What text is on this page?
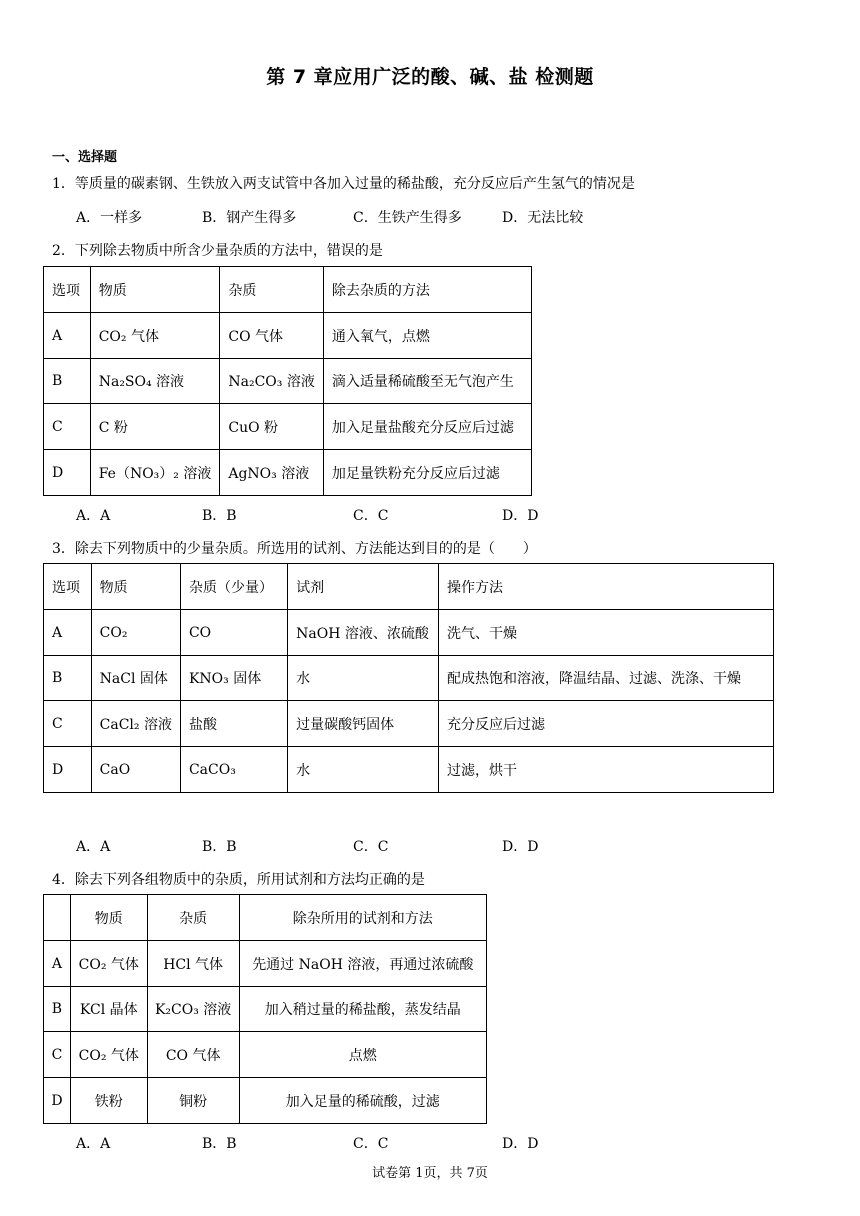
第 7 章应用广泛的酸、碱、盐 检测题
一、选择题
1．等质量的碳素钢、生铁放入两支试管中各加入过量的稀盐酸，充分反应后产生氢气的情况是
A．一样多	B．钢产生得多	C．生铁产生得多	D．无法比较
2．下列除去物质中所含少量杂质的方法中，错误的是
选项	物质	杂质	除去杂质的方法
A	CO₂ 气体	CO 气体	通入氧气，点燃
B	Na₂SO₄ 溶液	Na₂CO₃ 溶液	滴入适量稀硫酸至无气泡产生
C	C 粉	CuO 粉	加入足量盐酸充分反应后过滤
D	Fe（NO₃）₂ 溶液	AgNO₃ 溶液	加足量铁粉充分反应后过滤
A．A	B．B	C．C	D．D
3．除去下列物质中的少量杂质。所选用的试剂、方法能达到目的的是（　　）
选项	物质	杂质（少量）	试剂	操作方法
A	CO₂	CO	NaOH 溶液、浓硫酸	洗气、干燥
B	NaCl 固体	KNO₃ 固体	水	配成热饱和溶液，降温结晶、过滤、洗涤、干燥
C	CaCl₂ 溶液	盐酸	过量碳酸钙固体	充分反应后过滤
D	CaO	CaCO₃	水	过滤，烘干
A．A	B．B	C．C	D．D
4．除去下列各组物质中的杂质，所用试剂和方法均正确的是
	物质	杂质	除杂所用的试剂和方法
A	CO₂ 气体	HCl 气体	先通过 NaOH 溶液，再通过浓硫酸
B	KCl 晶体	K₂CO₃ 溶液	加入稍过量的稀盐酸，蒸发结晶
C	CO₂ 气体	CO 气体	点燃
D	铁粉	铜粉	加入足量的稀硫酸，过滤
A．A	B．B	C．C	D．D
试卷第 1页，共 7页
